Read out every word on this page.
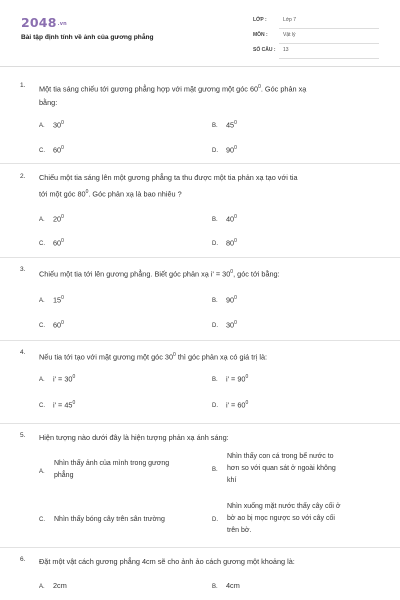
2048.vn
Bài tập định tính về ảnh của gương phẳng
LỚP :	Lớp 7
MÔN :	Vật lý
SỐ CÂU : 13
1. Một tia sáng chiếu tới gương phẳng hợp với mặt gương một góc $60^0$. Góc phản xạ
bằng:
A. $30^0$
B. $45^0$
C. $60^0$
D. $90^0$
2. Chiếu một tia sáng lên một gương phẳng ta thu được một tia phản xạ tạo với tia
tới một góc $80^0$. Góc phản xạ là bao nhiêu ?
A. $20^0$
B. $40^0$
C. $60^0$
D. $80^0$
3. Chiếu một tia tới lên gương phẳng. Biết góc phản xạ $i' = 30^0$, góc tới bằng:
A. $15^0$
B. $90^0$
C. $60^0$
D. $30^0$
4. Nếu tia tới tạo với mặt gương một góc $30^0$ thì góc phản xạ có giá trị là:
A. $i' = 30^0$
B. $i' = 90^0$
C. $i' = 45^0$
D. $i' = 60^0$
5. Hiện tượng nào dưới đây là hiện tượng phản xạ ánh sáng:
A.
Nhìn thấy ảnh của mình trong gương
phẳng
B.
Nhìn thấy con cá trong bể nước to
hơn so với quan sát ở ngoài không
khí
C.	Nhìn thấy bóng cây trên sân trường	D.
Nhìn xuống mặt nước thấy cây cối ở
bờ ao bị mọc ngược so với cây cối
trên bờ.
6. Đặt một vật cách gương phẳng 4cm sẽ cho ảnh ảo cách gương một khoảng là:
A. 2cm	B. 4cm
